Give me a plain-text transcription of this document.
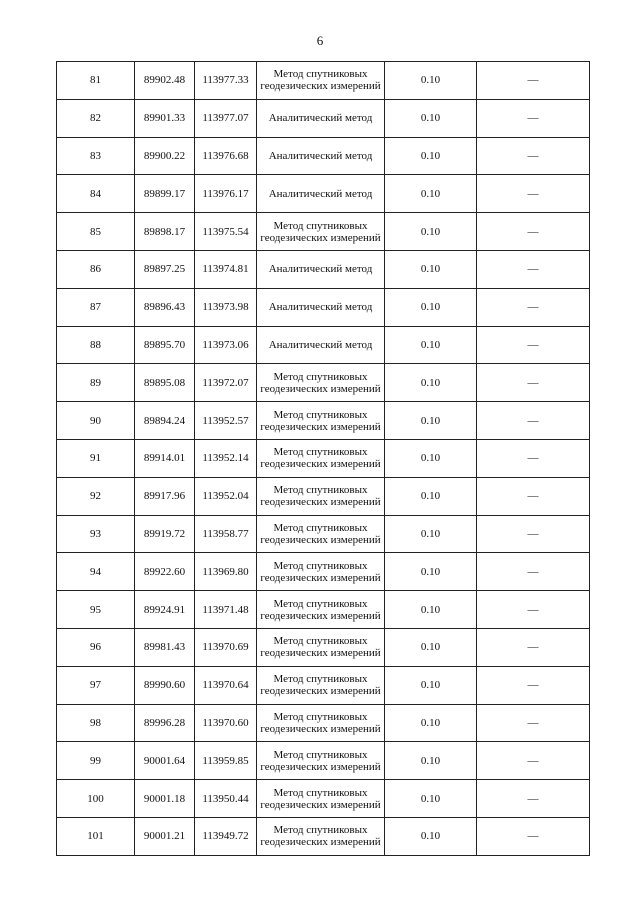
6
81	89902.48	113977.33	Метод спутниковых геодезических измерений	0.10	—
82	89901.33	113977.07	Аналитический метод	0.10	—
83	89900.22	113976.68	Аналитический метод	0.10	—
84	89899.17	113976.17	Аналитический метод	0.10	—
85	89898.17	113975.54	Метод спутниковых геодезических измерений	0.10	—
86	89897.25	113974.81	Аналитический метод	0.10	—
87	89896.43	113973.98	Аналитический метод	0.10	—
88	89895.70	113973.06	Аналитический метод	0.10	—
89	89895.08	113972.07	Метод спутниковых геодезических измерений	0.10	—
90	89894.24	113952.57	Метод спутниковых геодезических измерений	0.10	—
91	89914.01	113952.14	Метод спутниковых геодезических измерений	0.10	—
92	89917.96	113952.04	Метод спутниковых геодезических измерений	0.10	—
93	89919.72	113958.77	Метод спутниковых геодезических измерений	0.10	—
94	89922.60	113969.80	Метод спутниковых геодезических измерений	0.10	—
95	89924.91	113971.48	Метод спутниковых геодезических измерений	0.10	—
96	89981.43	113970.69	Метод спутниковых геодезических измерений	0.10	—
97	89990.60	113970.64	Метод спутниковых геодезических измерений	0.10	—
98	89996.28	113970.60	Метод спутниковых геодезических измерений	0.10	—
99	90001.64	113959.85	Метод спутниковых геодезических измерений	0.10	—
100	90001.18	113950.44	Метод спутниковых геодезических измерений	0.10	—
101	90001.21	113949.72	Метод спутниковых геодезических измерений	0.10	—
